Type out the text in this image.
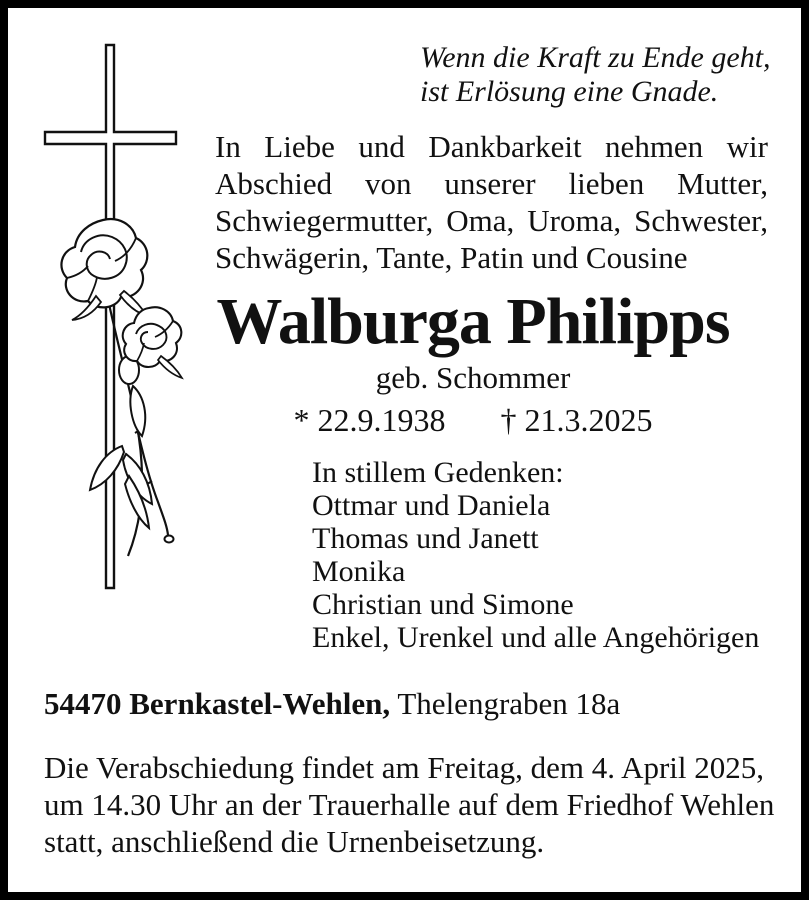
Wenn die Kraft zu Ende geht,
ist Erlösung eine Gnade.
In Liebe und Dankbarkeit nehmen wir Abschied von unserer lieben Mutter, Schwiegermutter, Oma, Uroma, Schwester, Schwägerin, Tante, Patin und Cousine
Walburga Philipps
geb. Schommer
* 22.9.1938 † 21.3.2025
In stillem Gedenken:
Ottmar und Daniela
Thomas und Janett
Monika
Christian und Simone
Enkel, Urenkel und alle Angehörigen
54470 Bernkastel-Wehlen, Thelengraben 18a
Die Verabschiedung findet am Freitag, dem 4. April 2025, um 14.30 Uhr an der Trauerhalle auf dem Friedhof Wehlen statt, anschließend die Urnenbeisetzung.
